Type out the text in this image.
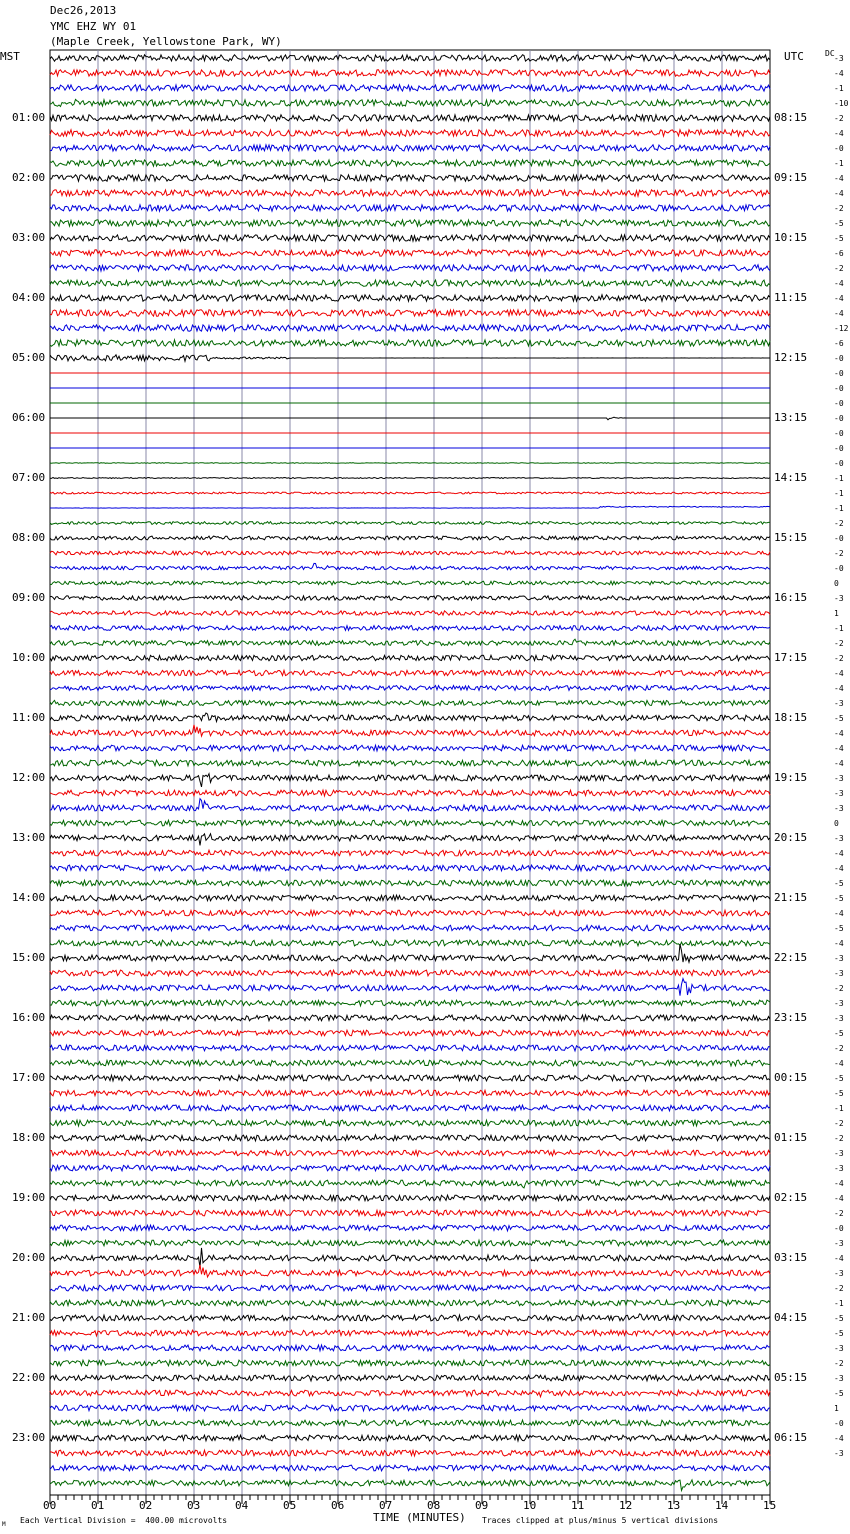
Dec26,2013
YMC EHZ WY 01
(Maple Creek, Yellowstone Park, WY)
MST	UTC	DC
01:00
02:00
03:00
04:00
05:00
06:00
07:00
08:00
09:00
10:00
11:00
12:00
13:00
14:00
15:00
16:00
17:00
18:00
19:00
20:00
21:00
22:00
23:00
08:15
09:15
10:15
11:15
12:15
13:15
14:15
15:15
16:15
17:15
18:15
19:15
20:15
21:15
22:15
23:15
00:15
01:15
02:15
03:15
04:15
05:15
06:15
-3
-4
-1
-10
-2
-4
-0
-1
-4
-4
-2
-5
-5
-6
-2
-4
-4
-4
-12
-6
-0
-0
-0
-0
-0
-0
-0
-0
-1
-1
-1
-2
-0
-2
-0
0
-3
1
-1
-2
-2
-4
-4
-3
-5
-4
-4
-4
-3
-3
-3
0
-3
-4
-4
-5
-5
-4
-5
-4
-3
-3
-2
-3
-3
-5
-2
-4
-5
-5
-1
-2
-2
-3
-3
-4
-4
-2
-0
-3
-4
-3
-2
-1
-5
-5
-3
-2
-3
-5
1
-0
-4
-3
00	01	02	03	04	05	06	07	08	09	10	11	12	13	14	15
TIME (MINUTES)
Each Vertical Division =  400.00 microvolts	Traces clipped at plus/minus 5 vertical divisions
M
